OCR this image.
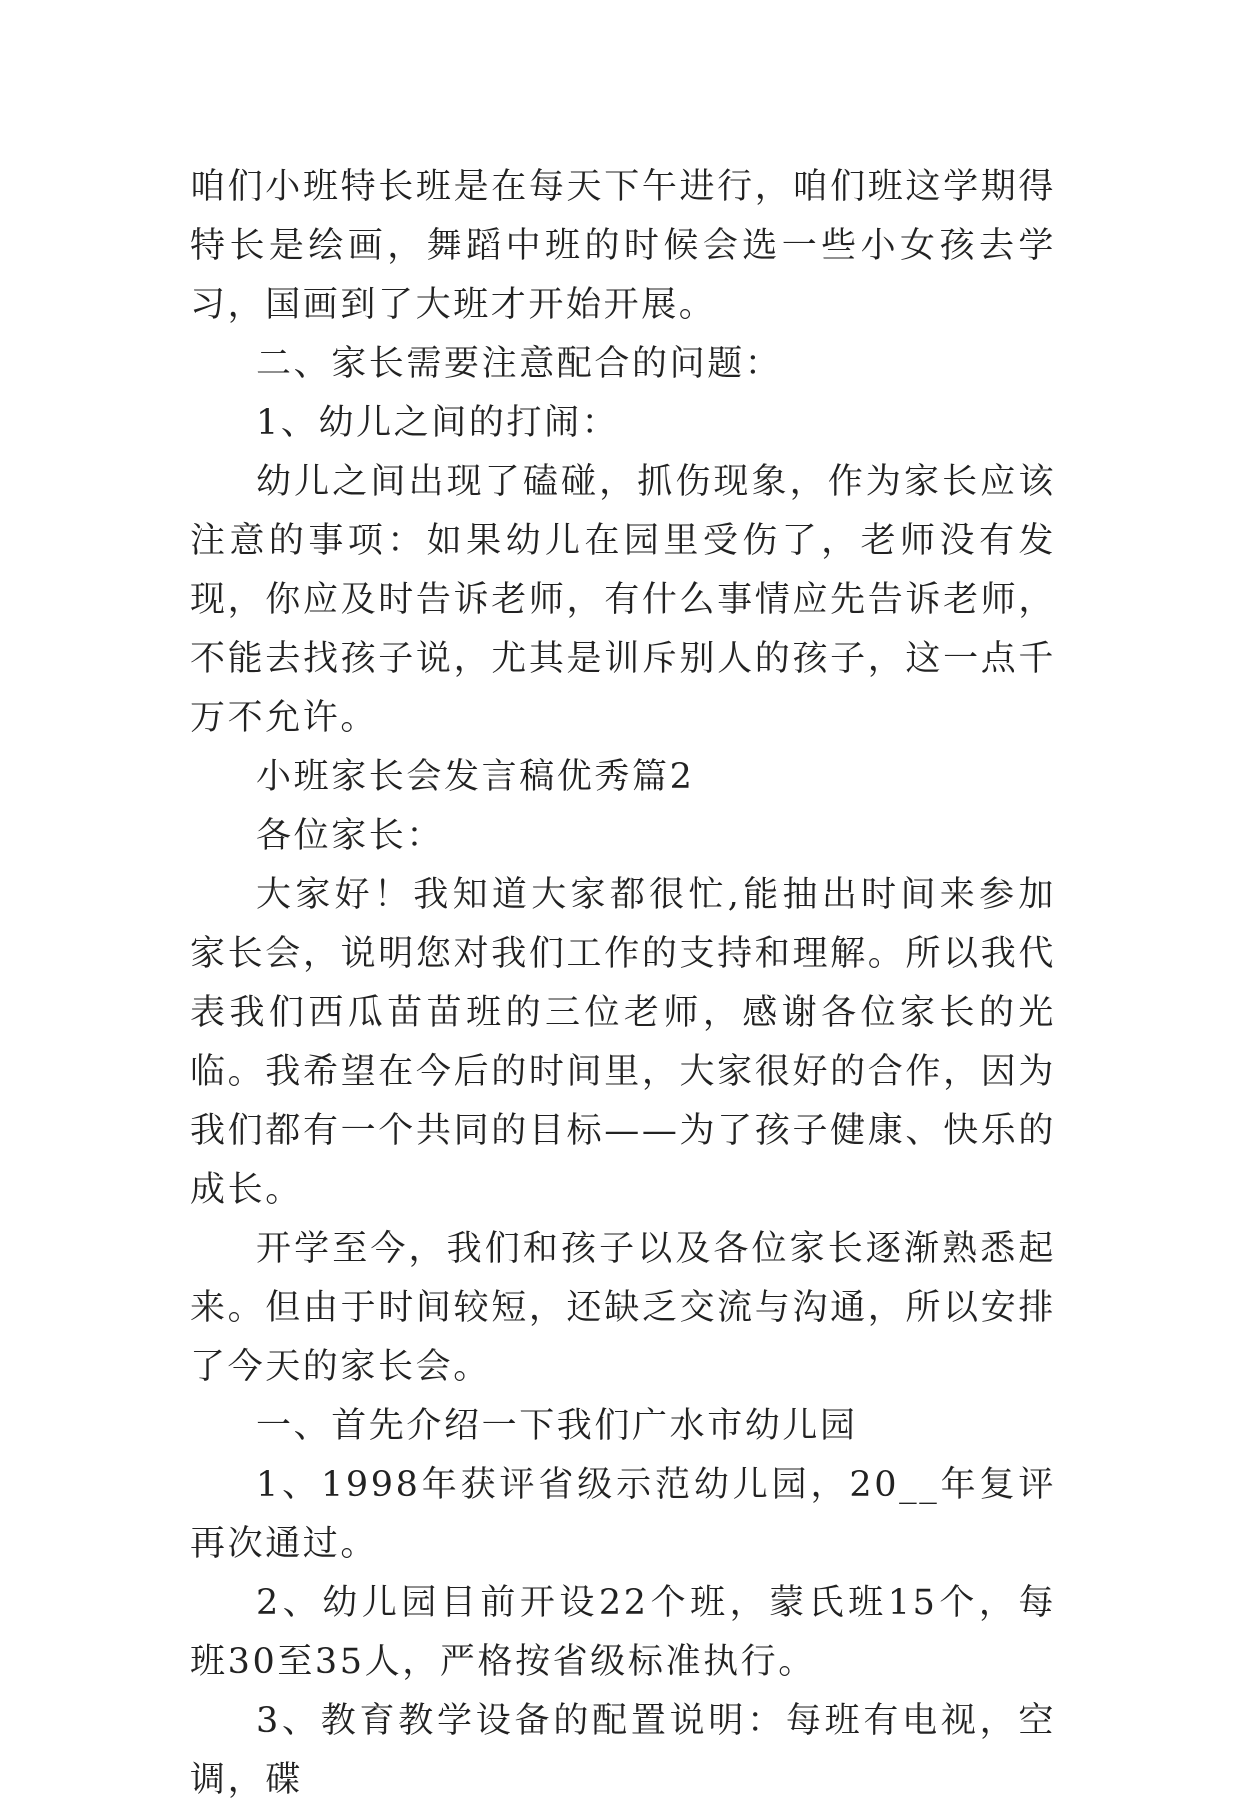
咱们小班特长班是在每天下午进行，咱们班这学期得特长是绘画，舞蹈中班的时候会选一些小女孩去学习，国画到了大班才开始开展。

二、家长需要注意配合的问题：

1、幼儿之间的打闹：

幼儿之间出现了磕碰，抓伤现象，作为家长应该注意的事项：如果幼儿在园里受伤了，老师没有发现，你应及时告诉老师，有什么事情应先告诉老师，不能去找孩子说，尤其是训斥别人的孩子，这一点千万不允许。

小班家长会发言稿优秀篇2

各位家长：

大家好！我知道大家都很忙,能抽出时间来参加家长会，说明您对我们工作的支持和理解。所以我代表我们西瓜苗苗班的三位老师，感谢各位家长的光临。我希望在今后的时间里，大家很好的合作，因为我们都有一个共同的目标——为了孩子健康、快乐的成长。

开学至今，我们和孩子以及各位家长逐渐熟悉起来。但由于时间较短，还缺乏交流与沟通，所以安排了今天的家长会。

一、首先介绍一下我们广水市幼儿园

1、1998年获评省级示范幼儿园，20__年复评再次通过。

2、幼儿园目前开设22个班，蒙氏班15个，每班30至35人，严格按省级标准执行。

3、教育教学设备的配置说明：每班有电视，空调，碟
